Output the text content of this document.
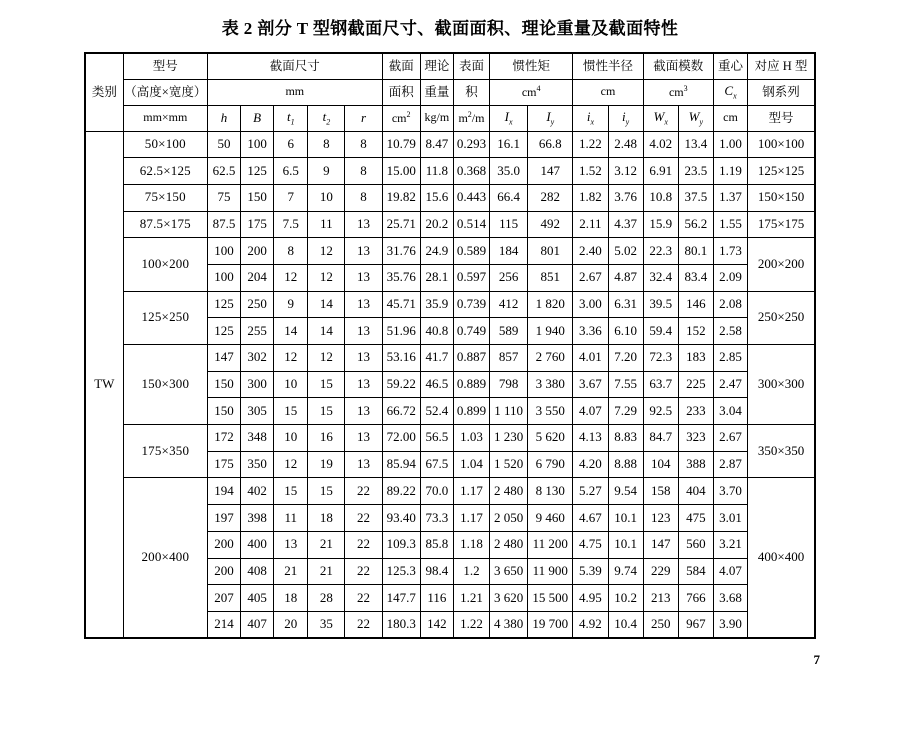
表 2 剖分 T 型钢截面尺寸、截面面积、理论重量及截面特性
类别	型号	截面尺寸					截面	理论	表面	惯性矩		惯性半径		截面模数		重心	对应 H 型
	（高度×宽度）	mm					面积	重量	积	$cm^4$		cm		$cm^3$		$C_x$	钢系列
	mm×mm	h	B	$t_1$	$t_2$	r	$cm^2$	kg/m	$m^2/m$	$I_x$	$I_y$	$i_x$	$i_y$	$W_x$	$W_y$	cm	型号
TW	50×100	50	100	6	8	8	10.79	8.47	0.293	16.1	66.8	1.22	2.48	4.02	13.4	1.00	100×100
	62.5×125	62.5	125	6.5	9	8	15.00	11.8	0.368	35.0	147	1.52	3.12	6.91	23.5	1.19	125×125
	75×150	75	150	7	10	8	19.82	15.6	0.443	66.4	282	1.82	3.76	10.8	37.5	1.37	150×150
	87.5×175	87.5	175	7.5	11	13	25.71	20.2	0.514	115	492	2.11	4.37	15.9	56.2	1.55	175×175
	100×200	100	200	8	12	13	31.76	24.9	0.589	184	801	2.40	5.02	22.3	80.1	1.73	200×200
		100	204	12	12	13	35.76	28.1	0.597	256	851	2.67	4.87	32.4	83.4	2.09	
	125×250	125	250	9	14	13	45.71	35.9	0.739	412	1 820	3.00	6.31	39.5	146	2.08	250×250
		125	255	14	14	13	51.96	40.8	0.749	589	1 940	3.36	6.10	59.4	152	2.58	
	150×300	147	302	12	12	13	53.16	41.7	0.887	857	2 760	4.01	7.20	72.3	183	2.85	300×300
		150	300	10	15	13	59.22	46.5	0.889	798	3 380	3.67	7.55	63.7	225	2.47	
		150	305	15	15	13	66.72	52.4	0.899	1 110	3 550	4.07	7.29	92.5	233	3.04	
	175×350	172	348	10	16	13	72.00	56.5	1.03	1 230	5 620	4.13	8.83	84.7	323	2.67	350×350
		175	350	12	19	13	85.94	67.5	1.04	1 520	6 790	4.20	8.88	104	388	2.87	
	200×400	194	402	15	15	22	89.22	70.0	1.17	2 480	8 130	5.27	9.54	158	404	3.70	400×400
		197	398	11	18	22	93.40	73.3	1.17	2 050	9 460	4.67	10.1	123	475	3.01	
		200	400	13	21	22	109.3	85.8	1.18	2 480	11 200	4.75	10.1	147	560	3.21	
		200	408	21	21	22	125.3	98.4	1.2	3 650	11 900	5.39	9.74	229	584	4.07	
		207	405	18	28	22	147.7	116	1.21	3 620	15 500	4.95	10.2	213	766	3.68	
		214	407	20	35	22	180.3	142	1.22	4 380	19 700	4.92	10.4	250	967	3.90	
7
